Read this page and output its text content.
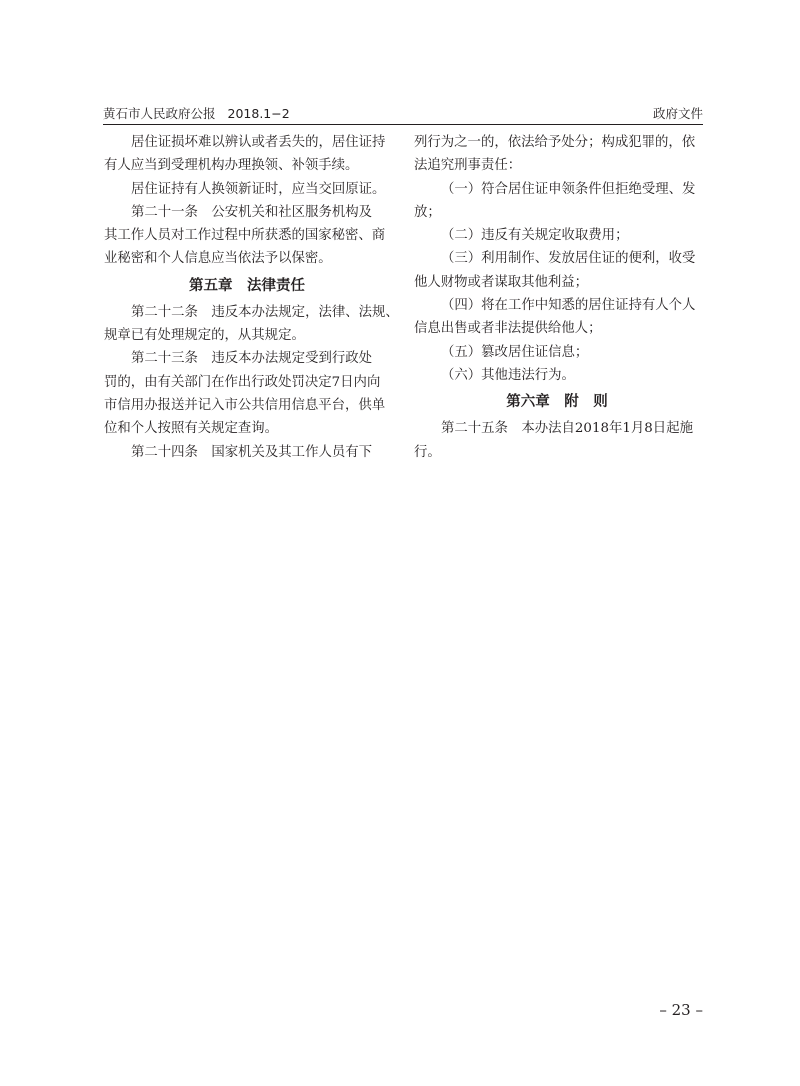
黄石市人民政府公报 2018.1−2	政府文件
居住证损坏难以辨认或者丢失的，居住证持
有人应当到受理机构办理换领、补领手续。
居住证持有人换领新证时，应当交回原证。
第二十一条　公安机关和社区服务机构及
其工作人员对工作过程中所获悉的国家秘密、商
业秘密和个人信息应当依法予以保密。
第五章　法律责任
第二十二条　违反本办法规定，法律、法规、
规章已有处理规定的，从其规定。
第二十三条　违反本办法规定受到行政处
罚的，由有关部门在作出行政处罚决定7日内向
市信用办报送并记入市公共信用信息平台，供单
位和个人按照有关规定查询。
第二十四条　国家机关及其工作人员有下
列行为之一的，依法给予处分；构成犯罪的，依
法追究刑事责任：
（一）符合居住证申领条件但拒绝受理、发
放；
（二）违反有关规定收取费用；
（三）利用制作、发放居住证的便利，收受
他人财物或者谋取其他利益；
（四）将在工作中知悉的居住证持有人个人
信息出售或者非法提供给他人；
（五）篡改居住证信息；
（六）其他违法行为。
第六章　附　则
第二十五条　本办法自2018年1月8日起施
行。
– 23 –
